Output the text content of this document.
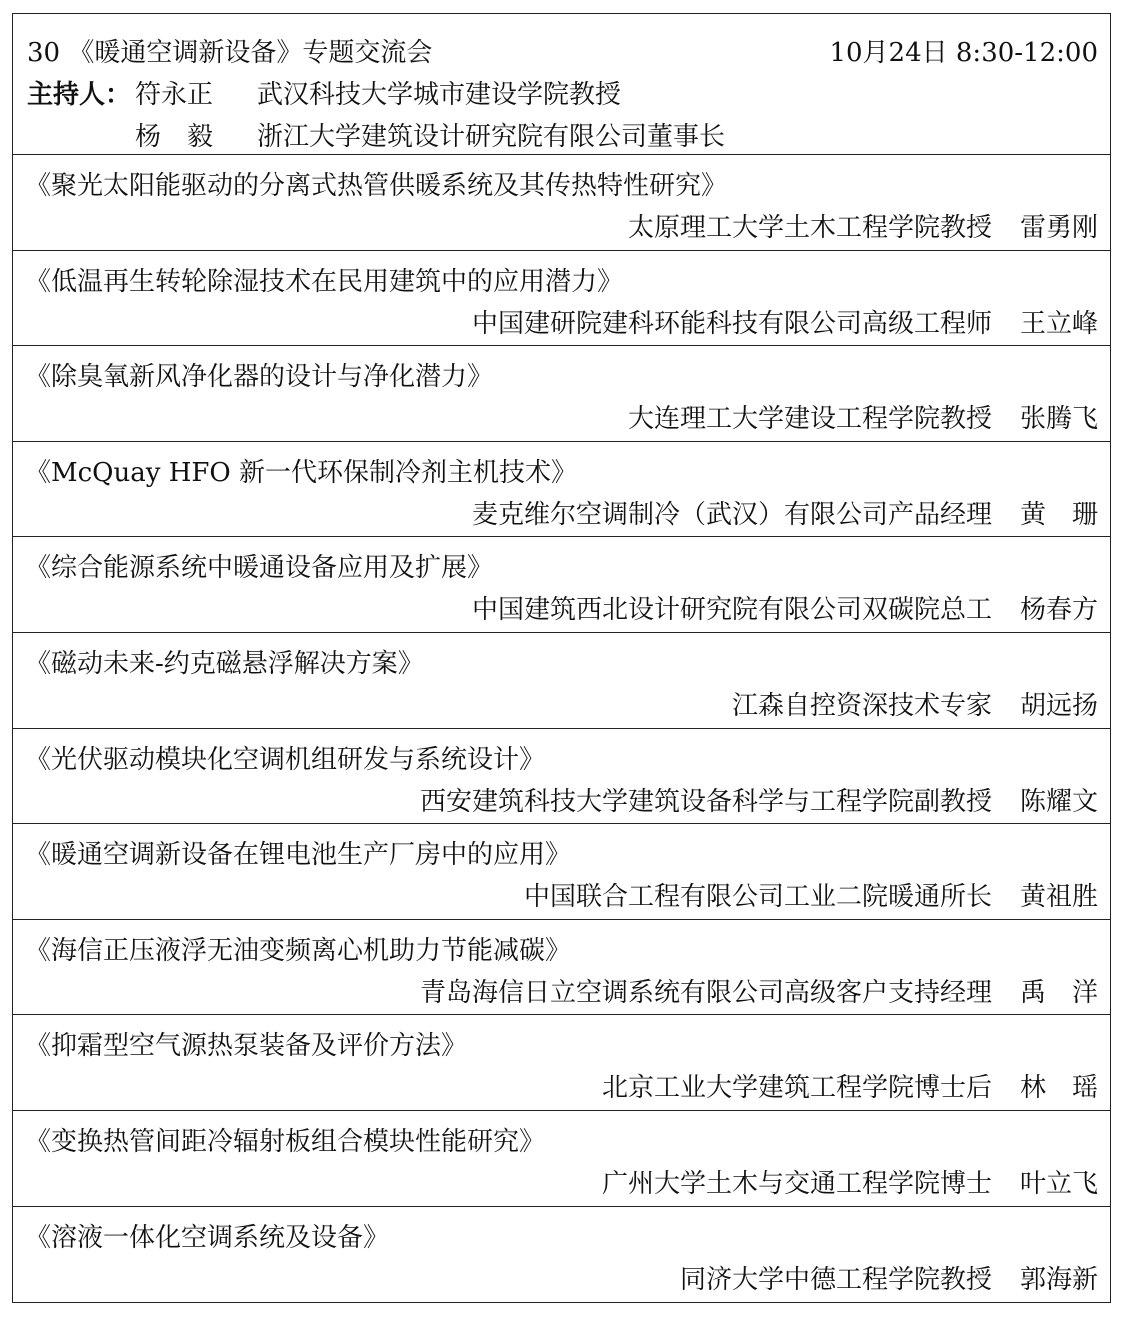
30 《暖通空调新设备》专题交流会	10月24日 8:30-12:00
主持人： 符永正 武汉科技大学城市建设学院教授
杨　毅 浙江大学建筑设计研究院有限公司董事长
《聚光太阳能驱动的分离式热管供暖系统及其传热特性研究》
太原理工大学土木工程学院教授 雷勇刚
《低温再生转轮除湿技术在民用建筑中的应用潜力》
中国建研院建科环能科技有限公司高级工程师 王立峰
《除臭氧新风净化器的设计与净化潜力》
大连理工大学建设工程学院教授 张腾飞
《McQuay HFO 新一代环保制冷剂主机技术》
麦克维尔空调制冷（武汉）有限公司产品经理 黄　珊
《综合能源系统中暖通设备应用及扩展》
中国建筑西北设计研究院有限公司双碳院总工 杨春方
《磁动未来-约克磁悬浮解决方案》
江森自控资深技术专家 胡远扬
《光伏驱动模块化空调机组研发与系统设计》
西安建筑科技大学建筑设备科学与工程学院副教授 陈耀文
《暖通空调新设备在锂电池生产厂房中的应用》
中国联合工程有限公司工业二院暖通所长 黄祖胜
《海信正压液浮无油变频离心机助力节能减碳》
青岛海信日立空调系统有限公司高级客户支持经理 禹　洋
《抑霜型空气源热泵装备及评价方法》
北京工业大学建筑工程学院博士后 林　瑶
《变换热管间距冷辐射板组合模块性能研究》
广州大学土木与交通工程学院博士 叶立飞
《溶液一体化空调系统及设备》
同济大学中德工程学院教授 郭海新
